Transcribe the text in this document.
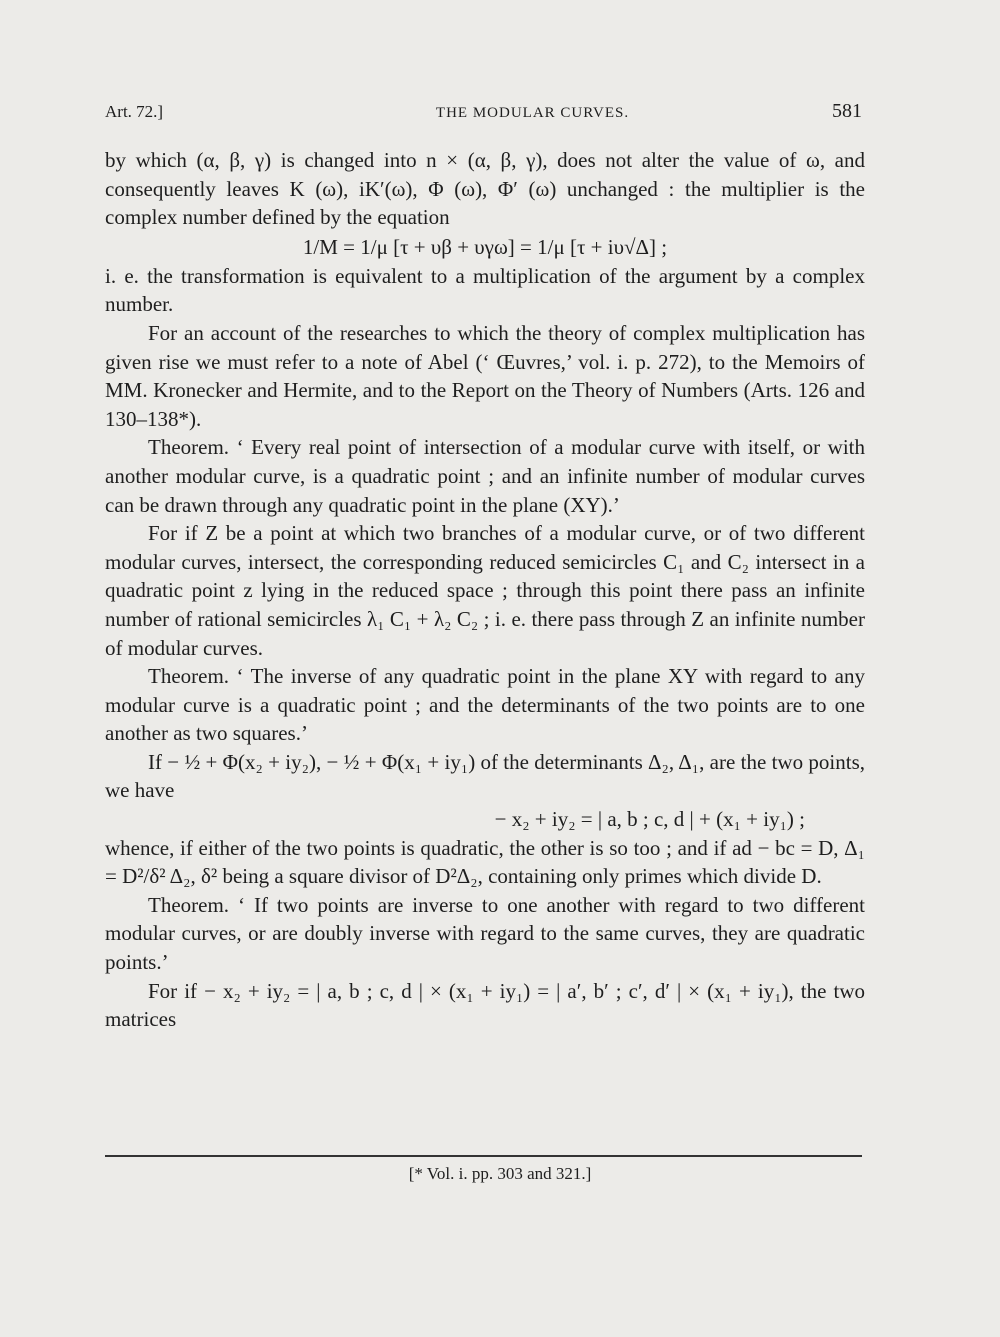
Art. 72.]	THE MODULAR CURVES.	581

by which (α, β, γ) is changed into n × (α, β, γ), does not alter the value of ω, and consequently leaves K (ω), iK′(ω), Φ (ω), Φ′ (ω) unchanged : the multiplier is the complex number defined by the equation

1/M = 1/μ [τ + υβ + υγω] = 1/μ [τ + iυ√Δ] ;

i. e. the transformation is equivalent to a multiplication of the argument by a complex number.

For an account of the researches to which the theory of complex multiplication has given rise we must refer to a note of Abel (‘ Œuvres,’ vol. i. p. 272), to the Memoirs of MM. Kronecker and Hermite, and to the Report on the Theory of Numbers (Arts. 126 and 130–138*).

Theorem. ‘ Every real point of intersection of a modular curve with itself, or with another modular curve, is a quadratic point ; and an infinite number of modular curves can be drawn through any quadratic point in the plane (XY).’

For if Z be a point at which two branches of a modular curve, or of two different modular curves, intersect, the corresponding reduced semicircles C₁ and C₂ intersect in a quadratic point z lying in the reduced space ; through this point there pass an infinite number of rational semicircles λ₁ C₁ + λ₂ C₂ ; i. e. there pass through Z an infinite number of modular curves.

Theorem. ‘ The inverse of any quadratic point in the plane XY with regard to any modular curve is a quadratic point ; and the determinants of the two points are to one another as two squares.’

If − ½ + Φ(x₂ + iy₂), − ½ + Φ(x₁ + iy₁) of the determinants Δ₂, Δ₁, are the two points, we have

− x₂ + iy₂ = | a, b ; c, d | + (x₁ + iy₁) ;

whence, if either of the two points is quadratic, the other is so too ; and if ad − bc = D, Δ₁ = D²/δ² Δ₂, δ² being a square divisor of D²Δ₂, containing only primes which divide D.

Theorem. ‘ If two points are inverse to one another with regard to two different modular curves, or are doubly inverse with regard to the same curves, they are quadratic points.’

For if − x₂ + iy₂ = | a, b ; c, d | × (x₁ + iy₁) = | a′, b′ ; c′, d′ | × (x₁ + iy₁), the two matrices

[* Vol. i. pp. 303 and 321.]
